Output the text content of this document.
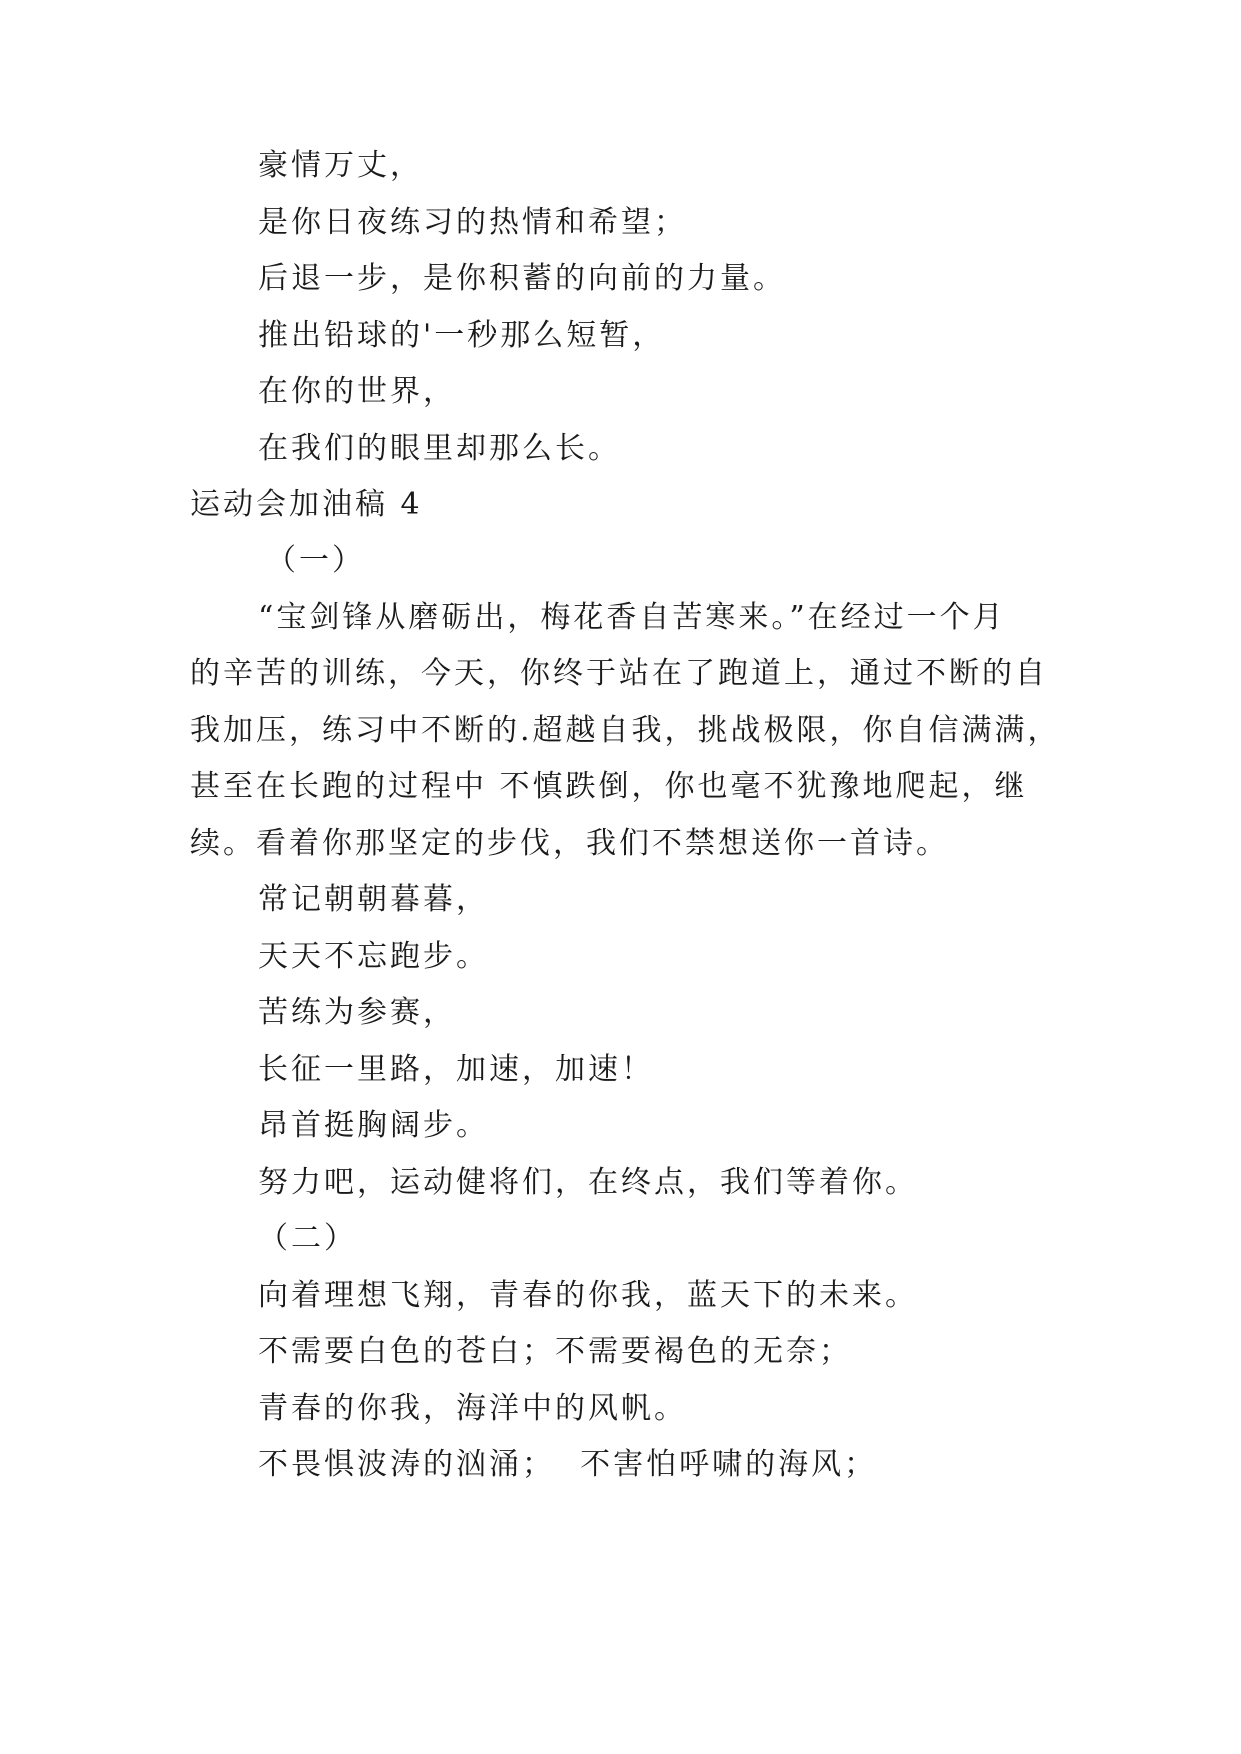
豪情万丈，
是你日夜练习的热情和希望；
后退一步，是你积蓄的向前的力量。
推出铅球的'一秒那么短暂，
在你的世界，
在我们的眼里却那么长。
运动会加油稿 4
（一）
“宝剑锋从磨砺出，梅花香自苦寒来。”在经过一个月
的辛苦的训练，今天，你终于站在了跑道上，通过不断的自
我加压，练习中不断的.超越自我，挑战极限，你自信满满，
甚至在长跑的过程中 不慎跌倒，你也毫不犹豫地爬起，继
续。看着你那坚定的步伐，我们不禁想送你一首诗。
常记朝朝暮暮，
天天不忘跑步。
苦练为参赛，
长征一里路，加速，加速！
昂首挺胸阔步。
努力吧，运动健将们，在终点，我们等着你。
（二）
向着理想飞翔，青春的你我，蓝天下的未来。
不需要白色的苍白；不需要褐色的无奈；
青春的你我，海洋中的风帆。
不畏惧波涛的汹涌；  不害怕呼啸的海风；
